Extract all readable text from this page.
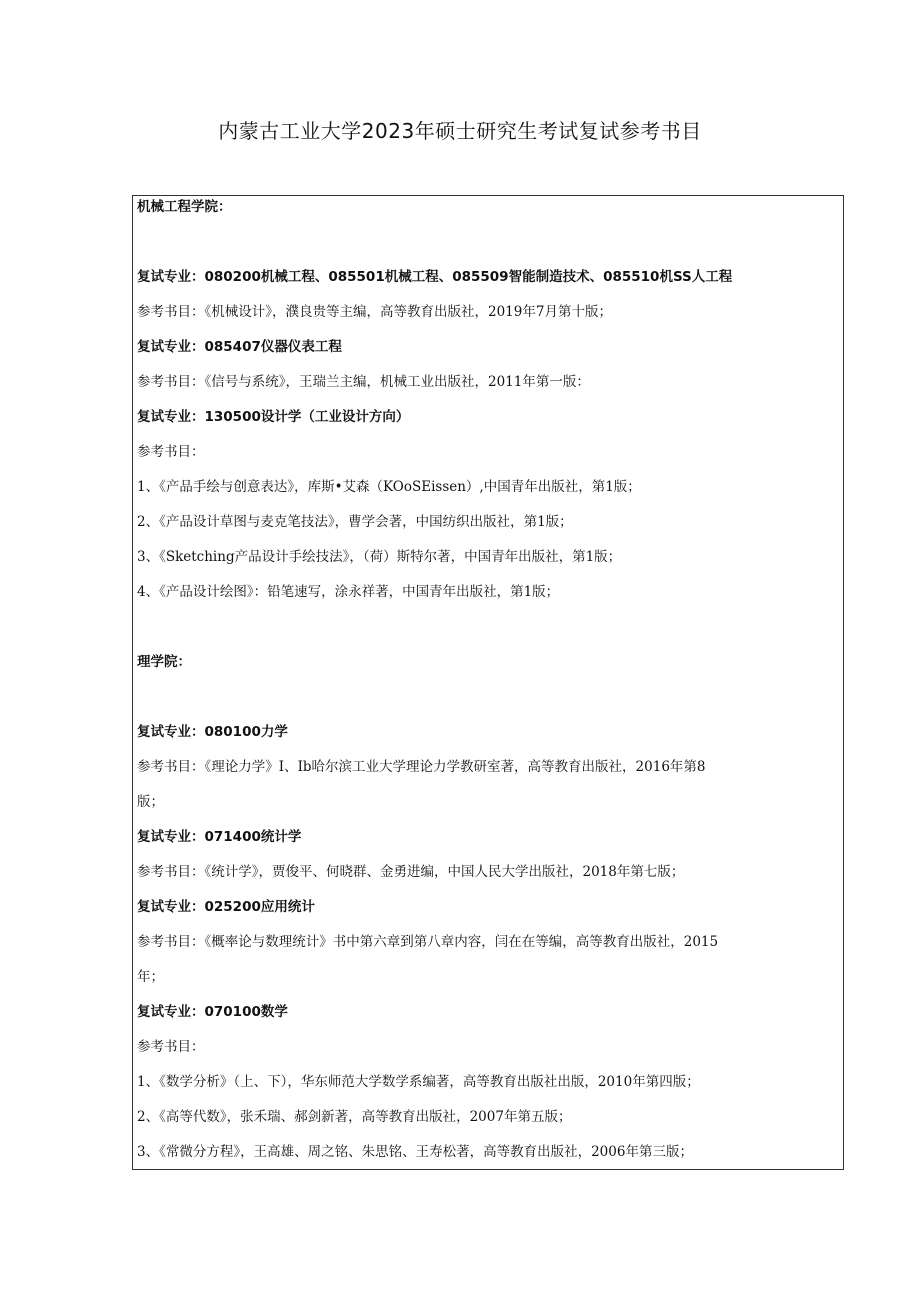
内蒙古工业大学2023年硕士研究生考试复试参考书目
机械工程学院：
复试专业：080200机械工程、085501机械工程、085509智能制造技术、085510机SS人工程
参考书目：《机械设计》，濮良贵等主编，高等教育出版社，2019年7月第十版；
复试专业：085407仪器仪表工程
参考书目：《信号与系统》，王瑞兰主编，机械工业出版社，2011年第一版：
复试专业：130500设计学（工业设计方向）
参考书目：
1、《产品手绘与创意表达》，库斯•艾森（KOoSEissen）,中国青年出版社，第1版；
2、《产品设计草图与麦克笔技法》，曹学会著，中国纺织出版社，第1版；
3、《Sketching产品设计手绘技法》，（荷）斯特尔著，中国青年出版社，第1版；
4、《产品设计绘图》：铅笔速写，涂永祥著，中国青年出版社，第1版；
理学院：
复试专业：080100力学
参考书目：《理论力学》I、Ib哈尔滨工业大学理论力学教研室著，高等教育出版社，2016年第8
版；
复试专业：071400统计学
参考书目：《统计学》，贾俊平、何晓群、金勇进编，中国人民大学出版社，2018年第七版；
复试专业：025200应用统计
参考书目：《概率论与数理统计》书中第六章到第八章内容，闫在在等编，高等教育出版社，2015
年；
复试专业：070100数学
参考书目：
1、《数学分析》（上、下），华东师范大学数学系编著，高等教育出版社出版，2010年第四版；
2、《高等代数》，张禾瑞、郝剑新著，高等教育出版社，2007年第五版；
3、《常微分方程》，王高雄、周之铭、朱思铭、王寿松著，高等教育出版社，2006年第三版；
